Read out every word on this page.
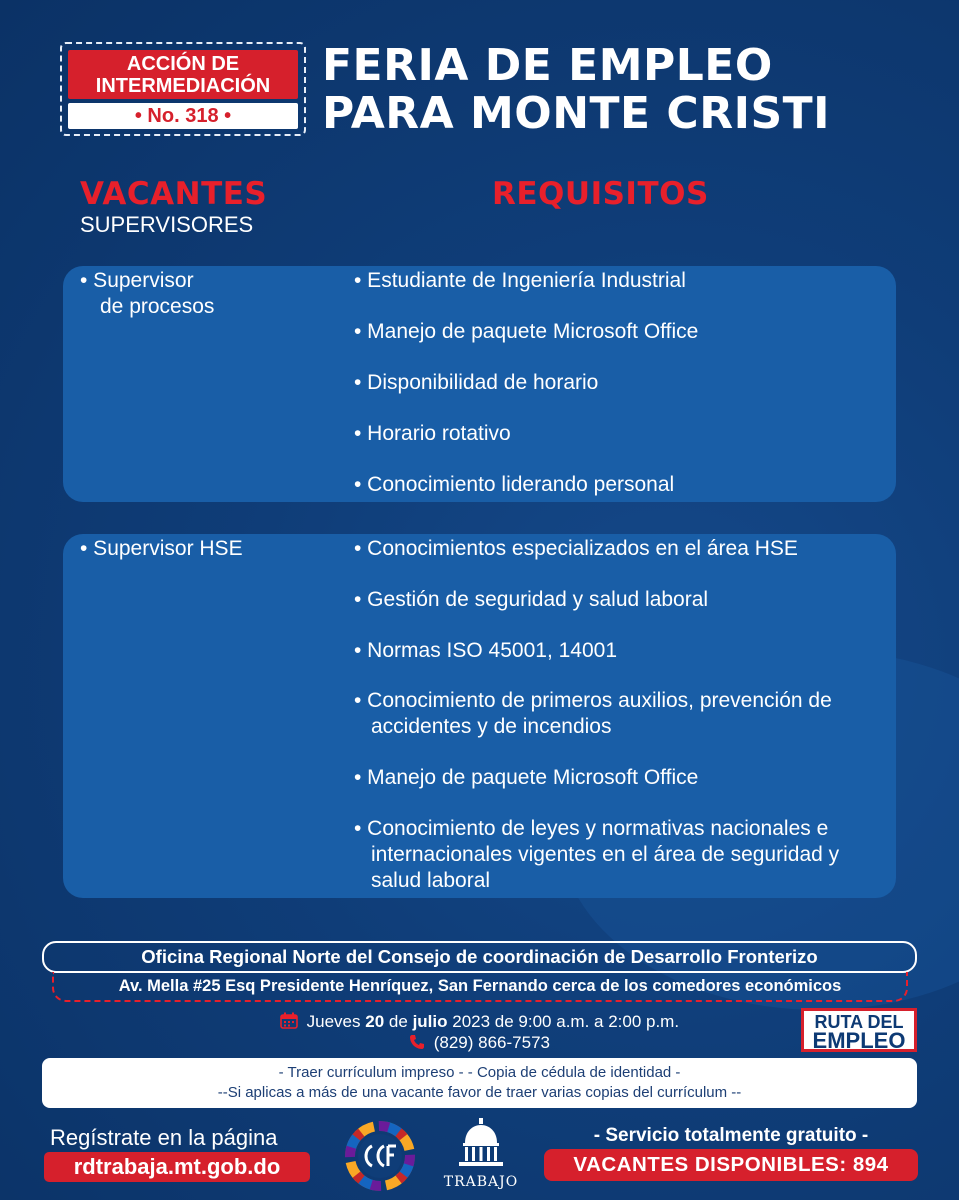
ACCIÓN DE
INTERMEDIACIÓN
• No. 318 •
FERIA DE EMPLEO
PARA MONTE CRISTI
VACANTES
SUPERVISORES
REQUISITOS
• Supervisor
de procesos
• Estudiante de Ingeniería Industrial
• Manejo de paquete Microsoft Office
• Disponibilidad de horario
• Horario rotativo
• Conocimiento liderando personal
• Supervisor HSE	• Conocimientos especializados en el área HSE
• Gestión de seguridad y salud laboral
• Normas ISO 45001, 14001
• Conocimiento de primeros auxilios, prevención de accidentes y de incendios
• Manejo de paquete Microsoft Office
• Conocimiento de leyes y normativas nacionales e internacionales vigentes en el área de seguridad y salud laboral
Oficina Regional Norte del Consejo de coordinación de Desarrollo Fronterizo
Av. Mella #25 Esq Presidente Henríquez, San Fernando cerca de los comedores económicos
Jueves 20 de julio 2023 de 9:00 a.m. a 2:00 p.m.
(829) 866-7573
RUTA DEL
EMPLEO
- Traer currículum impreso - - Copia de cédula de identidad -
--Si aplicas a más de una vacante favor de traer varias copias del currículum --
Regístrate en la página
rdtrabaja.mt.gob.do
TRABAJO
- Servicio totalmente gratuito -
VACANTES DISPONIBLES: 894
